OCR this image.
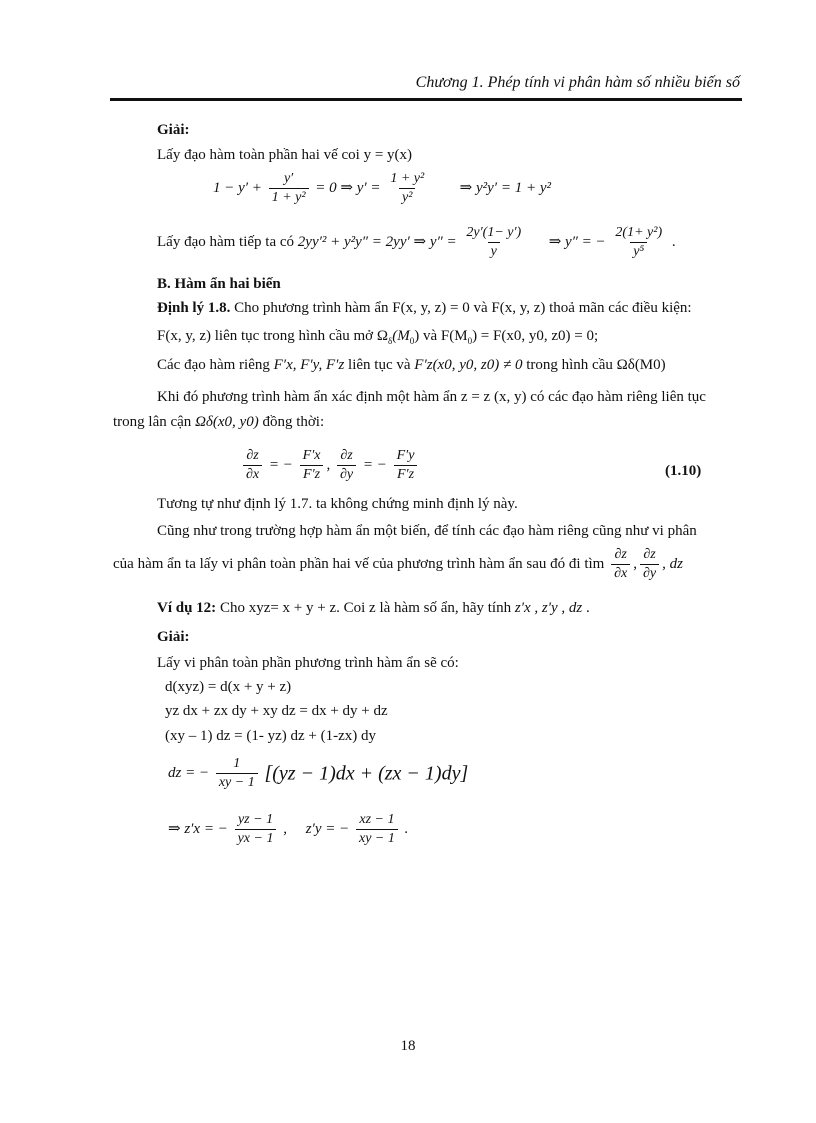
Chương 1. Phép tính vi phân hàm số nhiều biến số
Giải:
Lấy đạo hàm toàn phần hai vế coi y = y(x)
$1 - y' + \frac{y'}{\text{1 + y²}} = 0$ ⇒ $y' = \frac{\text{1 + y²}}{\text{y²}}$ ⇒ y²y′ = 1 + y²
Lấy đạo hàm tiếp ta có 2yy′² + y²y″ = 2yy′ ⇒ $y'' = \frac{2y'(1- y')}{y}$ ⇒ y″ = − $\frac{\text{2(1+ y²)}}{\text{y⁵}}$ .
B. Hàm ẩn hai biến
Định lý 1.8. Cho phương trình hàm ẩn F(x, y, z) = 0 và F(x, y, z) thoả mãn các điều kiện:
F(x, y, z) liên tục trong hình cầu mở $\Omega_\delta(M_0)$ và $F(M_0) = F(x0$, y0, z0) = 0;
Các đạo hàm riêng F′x, F′y, F′z liên tục và F′z(x0, y0, z0) ≠ 0 trong hình cầu Ωδ(M0)
Khi đó phương trình hàm ẩn xác định một hàm ẩn z = z (x, y) có các đạo hàm riêng liên tục
trong lân cận Ωδ(x0, y0) đồng thời:
$\frac{\partial z}{\partial x}$ = − $\frac{F'x}{F'z}$ , $\frac{\partial z}{\partial y}$ = − $\frac{F'y}{F'z}$	(1.10)
Tương tự như định lý 1.7. ta không chứng minh định lý này.
Cũng như trong trường hợp hàm ẩn một biến, để tính các đạo hàm riêng cũng như vi phân
của hàm ẩn ta lấy vi phân toàn phần hai vế của phương trình hàm ẩn sau đó đi tìm $\frac{\partial z}{\partial x}$ , $\frac{\partial z}{\partial y}$ , dz
Ví dụ 12: Cho xyz= x + y + z. Coi z là hàm số ẩn, hãy tính z′x , z′y , dz .
Giải:
Lấy vi phân toàn phần phương trình hàm ẩn sẽ có:
d(xyz) = d(x + y + z)
yz dx + zx dy + xy dz = dx + dy + dz
(xy – 1) dz = (1- yz) dz + (1-zx) dy
dz = − $\frac{1}{xy - 1} [(yz - 1)dx + (zx - 1)dy]$
⇒ z′x = − $\frac{yz - 1}{yx - 1}$ ,     z′y = − $\frac{xz - 1}{xy - 1}$ .
18
